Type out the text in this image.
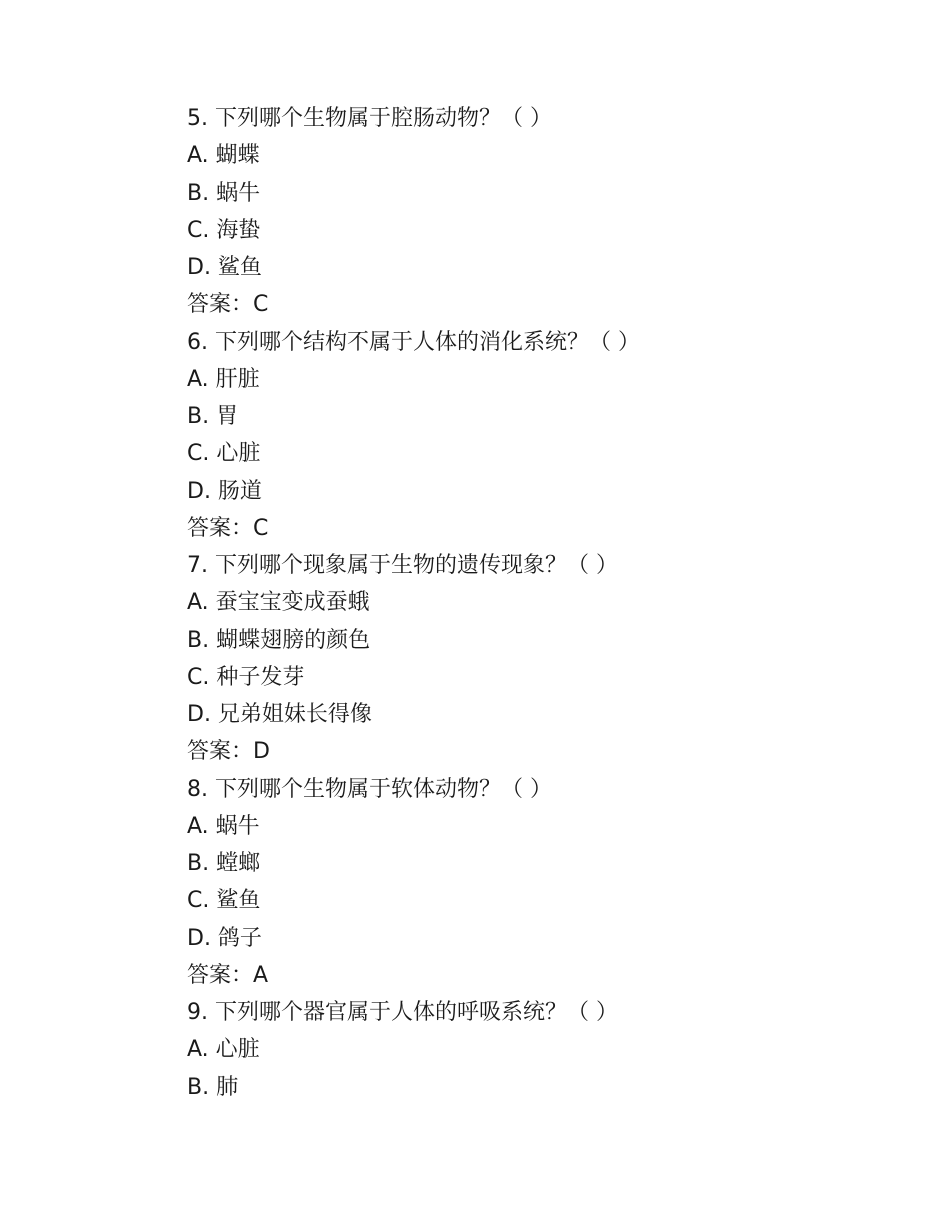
5. 下列哪个生物属于腔肠动物？（ ）
A. 蝴蝶
B. 蜗牛
C. 海蛰
D. 鲨鱼
答案：C
6. 下列哪个结构不属于人体的消化系统？（ ）
A. 肝脏
B. 胃
C. 心脏
D. 肠道
答案：C
7. 下列哪个现象属于生物的遗传现象？（ ）
A. 蚕宝宝变成蚕蛾
B. 蝴蝶翅膀的颜色
C. 种子发芽
D. 兄弟姐妹长得像
答案：D
8. 下列哪个生物属于软体动物？（ ）
A. 蜗牛
B. 螳螂
C. 鲨鱼
D. 鸽子
答案：A
9. 下列哪个器官属于人体的呼吸系统？（ ）
A. 心脏
B. 肺
